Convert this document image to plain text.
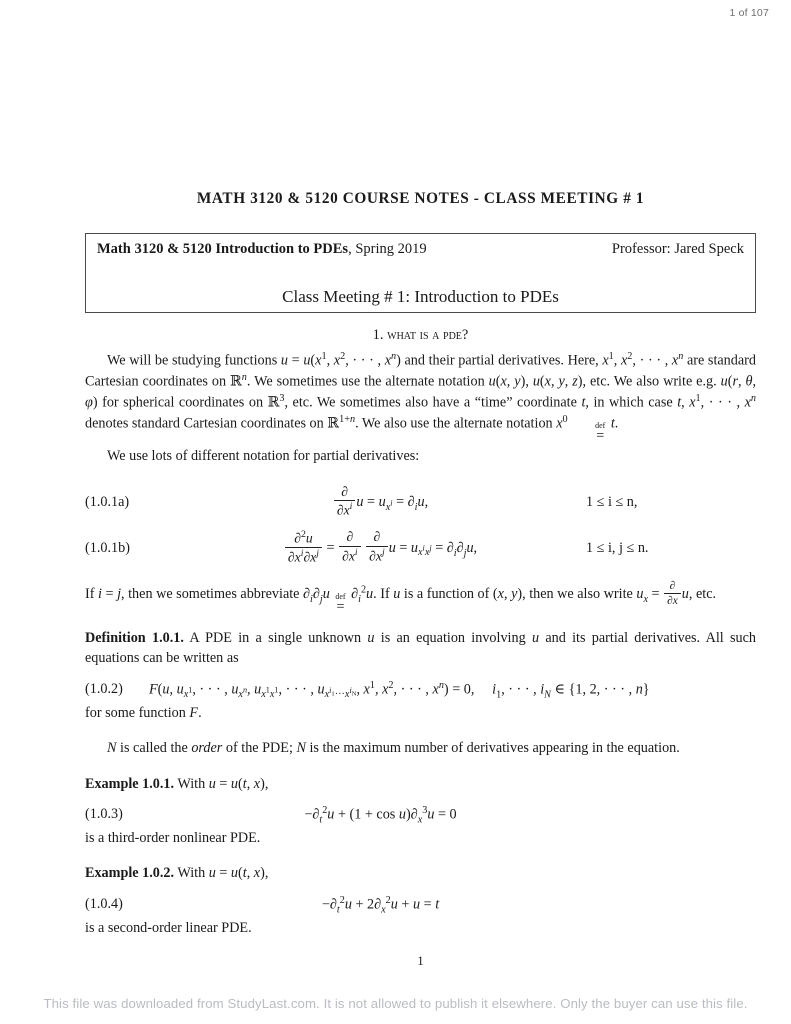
1 of 107
MATH 3120 & 5120 COURSE NOTES - CLASS MEETING # 1
Math 3120 & 5120 Introduction to PDEs, Spring 2019	Professor: Jared Speck
Class Meeting # 1: Introduction to PDEs
1. what is a pde?

We will be studying functions $u = u(x^1$, $x^2$, · · · , $x^n$) and their partial derivatives. Here, $x^1$, $x^2$, · · · , $x^n$ are standard Cartesian coordinates on ℝ$^n$. We sometimes use the alternate notation u(x, y), u(x, y, z), etc. We also write e.g. u(r, θ, φ) for spherical coordinates on ℝ$^3$, etc. We sometimes also have a “time” coordinate t, in which case t, $x^1$, · · · , $x^n$ denotes standard Cartesian coordinates on ℝ$^{1+n}$. We also use the alternate notation $x^0$
def
=
t.

We use lots of different notation for partial derivatives:

(1.0.1a)	$\frac{\partial}{\partial x^i}$ $u = u_{x^i} = \partial_iu$,	1 ≤ i ≤ n,
(1.0.1b)	$\frac{\partial^2u}{\partial x^i\partial x^j} = \frac{\partial}{\partial x^i}$
$\frac{\partial}{\partial x^j}$ $u = u_{x^ix^j} = \partial_i\partial_ju$,	1 ≤ i, j ≤ n.

If i = j, then we sometimes abbreviate $\partial_i\partial_ju$ def
=
$\partial_i^2u$. If u is a function of (x, y), then we also write $u_x = \frac{\partial}{\partial x} u$, etc.

Definition 1.0.1. A PDE in a single unknown u is an equation involving u and its partial derivatives. All such equations can be written as

(1.0.2)	F(u, $u_{x^1}$, · · · , $u_{x^n}$, $u_{x^1x^1}$, · · · , $u_{x^{i_1}\cdot\cdot\cdot x^{i_N}}$, $x^1$, $x^2$, · · · , $x^n) = 0$,     $i_1$, · · · , $i_N$ ∈ {1, 2, · · · , n}

for some function F.

N is called the order of the PDE; N is the maximum number of derivatives appearing in the equation.

Example 1.0.1. With u = u(t, x),

(1.0.3)	$-\partial_t^2u + (1 + \cos u)\partial_x^3u = 0$

is a third-order nonlinear PDE.

Example 1.0.2. With u = u(t, x),

(1.0.4)	$-\partial_t^2u + 2\partial_x^2u + u = t$

is a second-order linear PDE.

1
This file was downloaded from StudyLast.com. It is not allowed to publish it elsewhere. Only the buyer can use this file.
